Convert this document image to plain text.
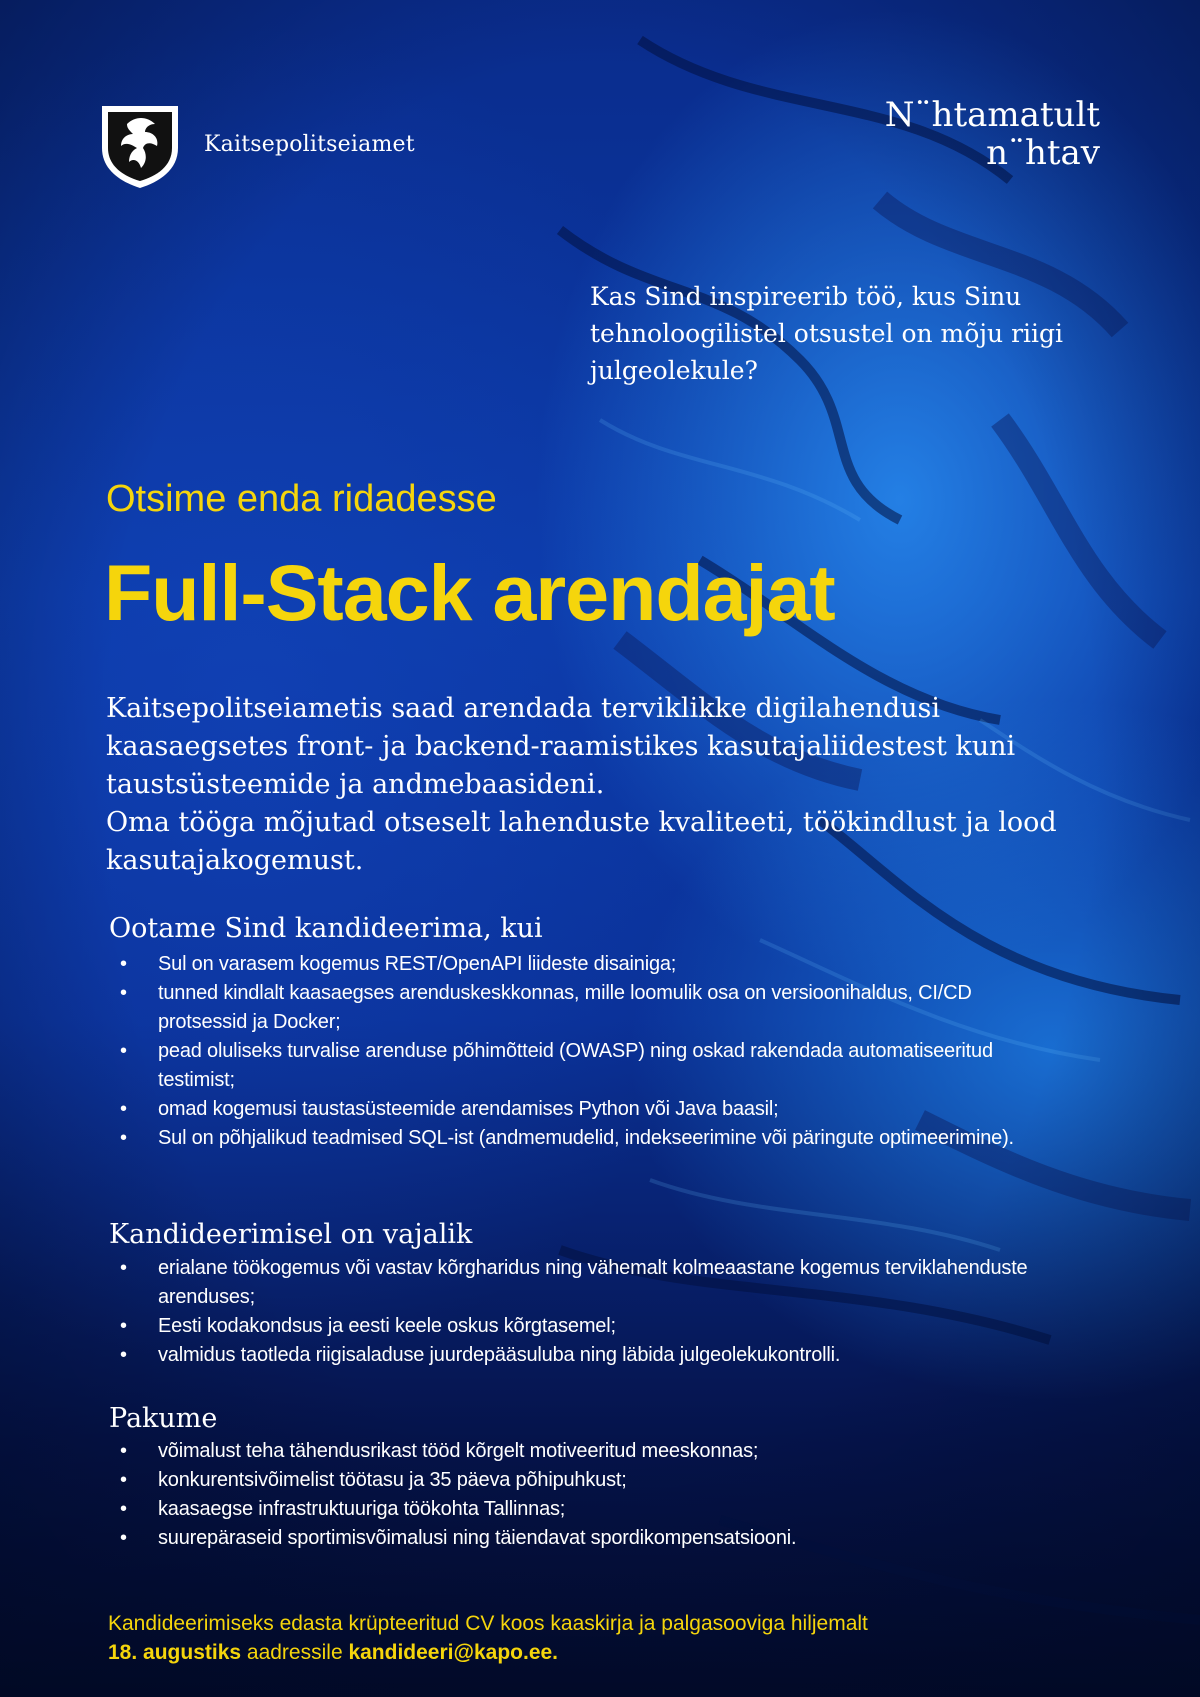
Kaitsepolitseiamet
N¨htamatult
n¨htav
Kas Sind inspireerib töö, kus Sinu tehnoloogilistel otsustel on mõju riigi julgeolekule?
Otsime enda ridadesse
Full-Stack arendajat

Kaitsepolitseiametis saad arendada terviklikke digilahendusi kaasaegsetes front- ja backend-raamistikes kasutajaliidestest kuni taustsüsteemide ja andmebaasideni.

Oma tööga mõjutad otseselt lahenduste kvaliteeti, töökindlust ja lood kasutajakogemust.

Ootame Sind kandideerima, kui
• Sul on varasem kogemus REST/OpenAPI liideste disainiga;
• tunned kindlalt kaasaegses arenduskeskkonnas, mille loomulik osa on versioonihaldus, CI/CD protsessid ja Docker;
• pead oluliseks turvalise arenduse põhimõtteid (OWASP) ning oskad rakendada automatiseeritud testimist;
• omad kogemusi taustasüsteemide arendamises Python või Java baasil;
• Sul on põhjalikud teadmised SQL-ist (andmemudelid, indekseerimine või päringute optimeerimine).
Kandideerimisel on vajalik
• erialane töökogemus või vastav kõrgharidus ning vähemalt kolmeaastane kogemus terviklahenduste arenduses;
• Eesti kodakondsus ja eesti keele oskus kõrgtasemel;
• valmidus taotleda riigisaladuse juurdepääsuluba ning läbida julgeolekukontrolli.
Pakume
• võimalust teha tähendusrikast tööd kõrgelt motiveeritud meeskonnas;
• konkurentsivõimelist töötasu ja 35 päeva põhipuhkust;
• kaasaegse infrastruktuuriga töökohta Tallinnas;
• suurepäraseid sportimisvõimalusi ning täiendavat spordikompensatsiooni.
Kandideerimiseks edasta krüpteeritud CV koos kaaskirja ja palgasooviga hiljemalt
18. augustiks aadressile kandideeri@kapo.ee.
